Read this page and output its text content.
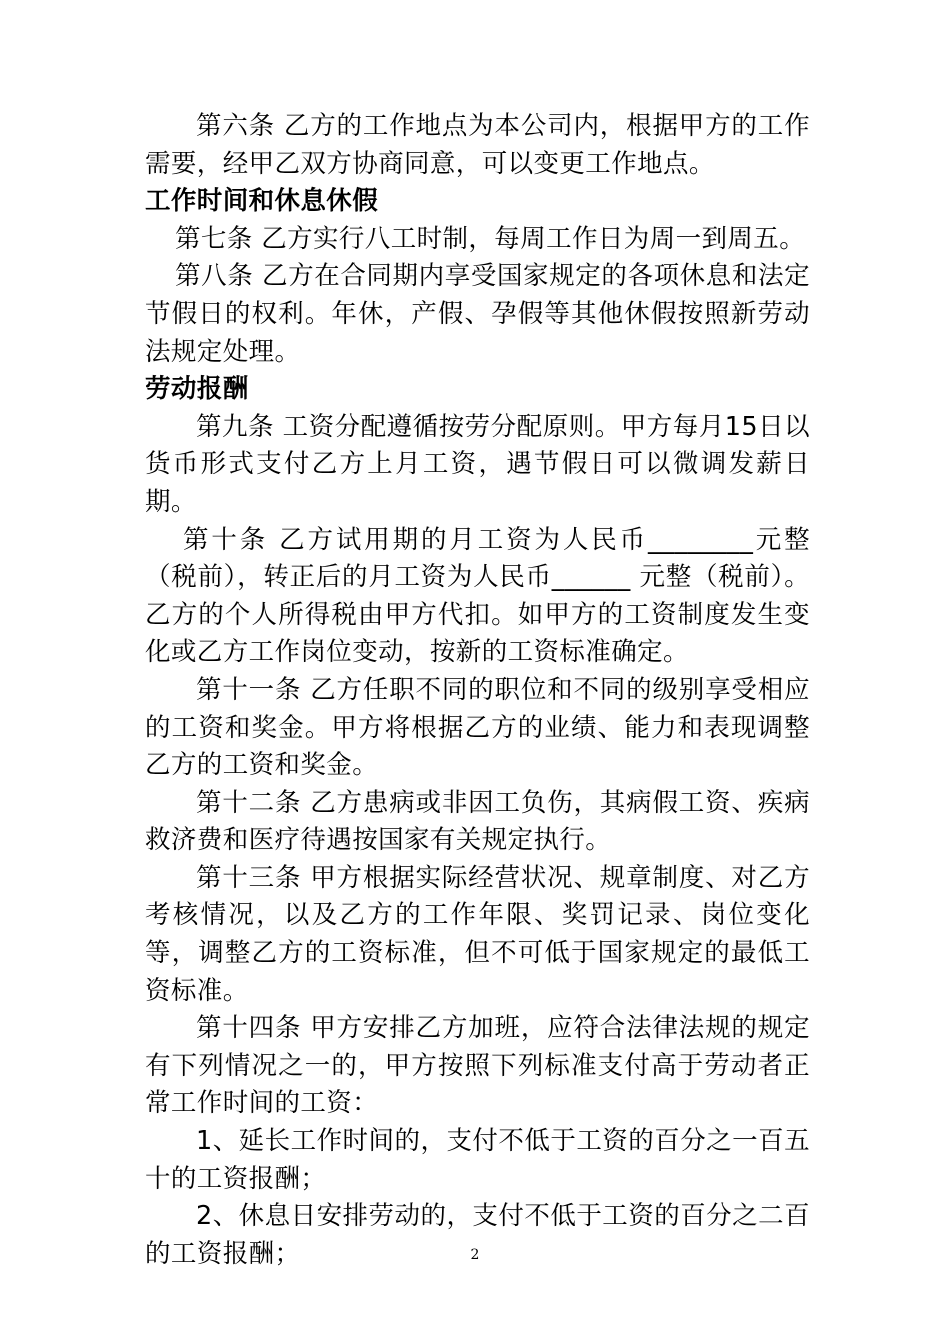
第六条 乙方的工作地点为本公司内，根据甲方的工作需要，经甲乙双方协商同意，可以变更工作地点。

工作时间和休息休假

第七条 乙方实行八工时制，每周工作日为周一到周五。

第八条 乙方在合同期内享受国家规定的各项休息和法定节假日的权利。年休，产假、孕假等其他休假按照新劳动法规定处理。

劳动报酬

第九条 工资分配遵循按劳分配原则。甲方每月15日以货币形式支付乙方上月工资，遇节假日可以微调发薪日期。

第十条 乙方试用期的月工资为人民币________元整（税前），转正后的月工资为人民币______ 元整（税前）。乙方的个人所得税由甲方代扣。如甲方的工资制度发生变化或乙方工作岗位变动，按新的工资标准确定。

第十一条 乙方任职不同的职位和不同的级别享受相应的工资和奖金。甲方将根据乙方的业绩、能力和表现调整乙方的工资和奖金。

第十二条 乙方患病或非因工负伤，其病假工资、疾病救济费和医疗待遇按国家有关规定执行。

第十三条 甲方根据实际经营状况、规章制度、对乙方考核情况，以及乙方的工作年限、奖罚记录、岗位变化等，调整乙方的工资标准，但不可低于国家规定的最低工资标准。

第十四条 甲方安排乙方加班，应符合法律法规的规定有下列情况之一的，甲方按照下列标准支付高于劳动者正常工作时间的工资：

1、延长工作时间的，支付不低于工资的百分之一百五十的工资报酬；

2、休息日安排劳动的，支付不低于工资的百分之二百的工资报酬；	2
